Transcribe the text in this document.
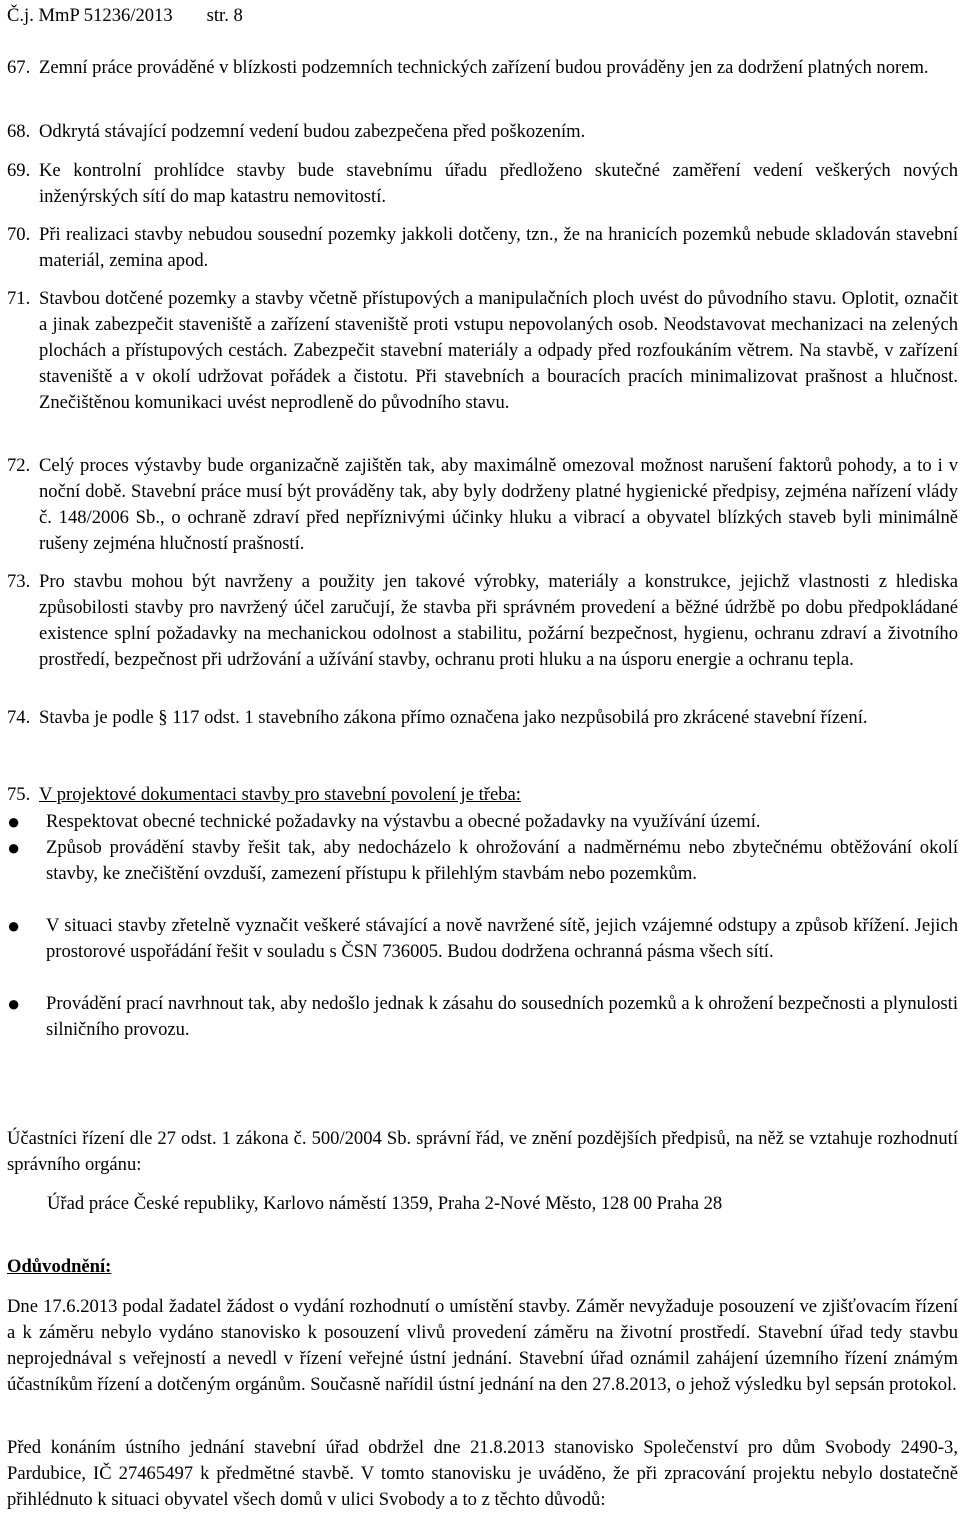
Č.j. MmP 51236/2013 str. 8
67. Zemní práce prováděné v blízkosti podzemních technických zařízení budou prováděny jen za dodržení platných norem.
68. Odkrytá stávající podzemní vedení budou zabezpečena před poškozením.
69. Ke kontrolní prohlídce stavby bude stavebnímu úřadu předloženo skutečné zaměření vedení veškerých nových inženýrských sítí do map katastru nemovitostí.
70. Při realizaci stavby nebudou sousední pozemky jakkoli dotčeny, tzn., že na hranicích pozemků nebude skladován stavební materiál, zemina apod.
71. Stavbou dotčené pozemky a stavby včetně přístupových a manipulačních ploch uvést do původního stavu. Oplotit, označit a jinak zabezpečit staveniště a zařízení staveniště proti vstupu nepovolaných osob. Neodstavovat mechanizaci na zelených plochách a přístupových cestách. Zabezpečit stavební materiály a odpady před rozfoukáním větrem. Na stavbě, v zařízení staveniště a v okolí udržovat pořádek a čistotu. Při stavebních a bouracích pracích minimalizovat prašnost a hlučnost. Znečištěnou komunikaci uvést neprodleně do původního stavu.
72. Celý proces výstavby bude organizačně zajištěn tak, aby maximálně omezoval možnost narušení faktorů pohody, a to i v noční době. Stavební práce musí být prováděny tak, aby byly dodrženy platné hygienické předpisy, zejména nařízení vlády č. 148/2006 Sb., o ochraně zdraví před nepříznivými účinky hluku a vibrací a obyvatel blízkých staveb byli minimálně rušeny zejména hlučností prašností.
73. Pro stavbu mohou být navrženy a použity jen takové výrobky, materiály a konstrukce, jejichž vlastnosti z hlediska způsobilosti stavby pro navržený účel zaručují, že stavba při správném provedení a běžné údržbě po dobu předpokládané existence splní požadavky na mechanickou odolnost a stabilitu, požární bezpečnost, hygienu, ochranu zdraví a životního prostředí, bezpečnost při udržování a užívání stavby, ochranu proti hluku a na úsporu energie a ochranu tepla.
74. Stavba je podle § 117 odst. 1 stavebního zákona přímo označena jako nezpůsobilá pro zkrácené stavební řízení.
75. V projektové dokumentaci stavby pro stavební povolení je třeba:
● Respektovat obecné technické požadavky na výstavbu a obecné požadavky na využívání území.
● Způsob provádění stavby řešit tak, aby nedocházelo k ohrožování a nadměrnému nebo zbytečnému obtěžování okolí stavby, ke znečištění ovzduší, zamezení přístupu k přilehlým stavbám nebo pozemkům.
● V situaci stavby zřetelně vyznačit veškeré stávající a nově navržené sítě, jejich vzájemné odstupy a způsob křížení. Jejich prostorové uspořádání řešit v souladu s ČSN 736005. Budou dodržena ochranná pásma všech sítí.
● Provádění prací navrhnout tak, aby nedošlo jednak k zásahu do sousedních pozemků a k ohrožení bezpečnosti a plynulosti silničního provozu.
Účastníci řízení dle 27 odst. 1 zákona č. 500/2004 Sb. správní řád, ve znění pozdějších předpisů, na něž se vztahuje rozhodnutí správního orgánu:
Úřad práce České republiky, Karlovo náměstí 1359, Praha 2-Nové Město, 128 00 Praha 28
Odůvodnění:
Dne 17.6.2013 podal žadatel žádost o vydání rozhodnutí o umístění stavby. Záměr nevyžaduje posouzení ve zjišťovacím řízení a k záměru nebylo vydáno stanovisko k posouzení vlivů provedení záměru na životní prostředí. Stavební úřad tedy stavbu neprojednával s veřejností a nevedl v řízení veřejné ústní jednání. Stavební úřad oznámil zahájení územního řízení známým účastníkům řízení a dotčeným orgánům. Současně nařídil ústní jednání na den 27.8.2013, o jehož výsledku byl sepsán protokol.
Před konáním ústního jednání stavební úřad obdržel dne 21.8.2013 stanovisko Společenství pro dům Svobody 2490-3, Pardubice, IČ 27465497 k předmětné stavbě. V tomto stanovisku je uváděno, že při zpracování projektu nebylo dostatečně přihlédnuto k situaci obyvatel všech domů v ulici Svobody a to z těchto důvodů:
